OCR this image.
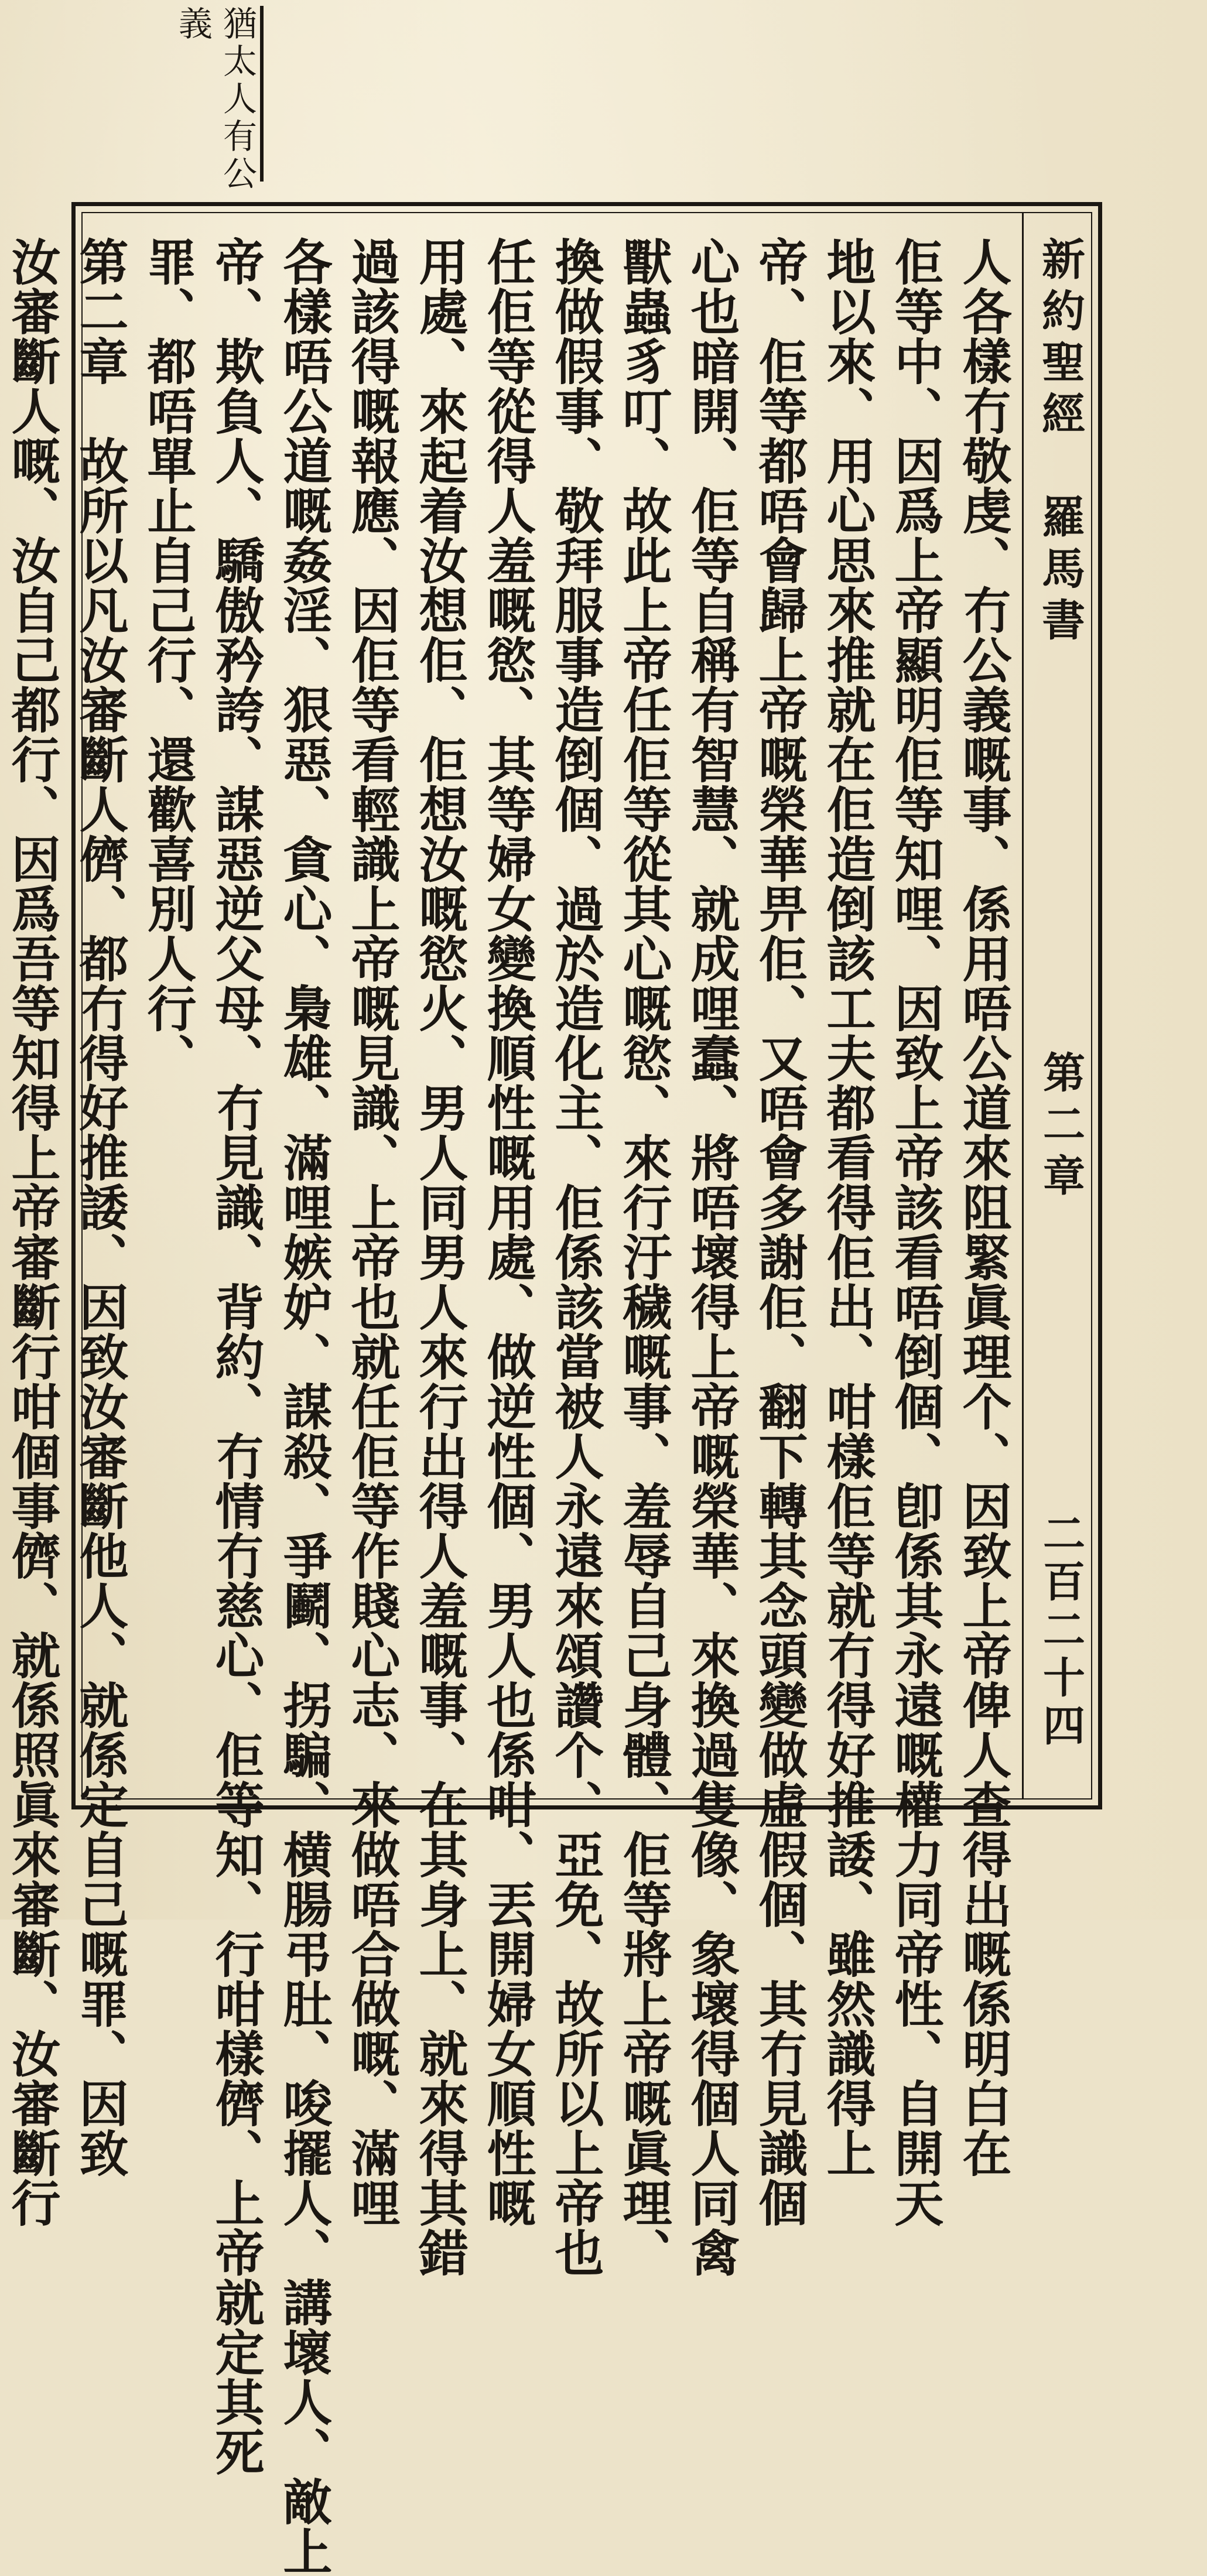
猶太人有公
義
新約聖經　羅馬書
第二章
二百二十四
人各樣冇敬虔、冇公義嘅事、係用唔公道來阻緊眞理个、因致上帝俾人查得出嘅係明白在
佢等中、因爲上帝顯明佢等知哩、因致上帝該看唔倒個、卽係其永遠嘅權力同帝性、自開天
地以來、用心思來推就在佢造倒該工夫都看得佢出、咁樣佢等就冇得好推諉、雖然識得上
帝、佢等都唔會歸上帝嘅榮華畀佢、又唔會多謝佢、翻下轉其念頭變做虛假個、其冇見識個
心也暗開、佢等自稱有智慧、就成哩蠢、將唔壞得上帝嘅榮華、來換過隻像、象壞得個人同禽
獸蟲豸叮、故此上帝任佢等從其心嘅慾、來行汙穢嘅事、羞辱自己身體、佢等將上帝嘅眞理、
換做假事、敬拜服事造倒個、過於造化主、佢係該當被人永遠來頌讚个、亞免、故所以上帝也
任佢等從得人羞嘅慾、其等婦女變換順性嘅用處、做逆性個、男人也係咁、丟開婦女順性嘅
用處、來起着汝想佢、佢想汝嘅慾火、男人同男人來行出得人羞嘅事、在其身上、就來得其錯
過該得嘅報應、因佢等看輕識上帝嘅見識、上帝也就任佢等作賤心志、來做唔合做嘅、滿哩
各樣唔公道嘅姦淫、狠惡、貪心、梟雄、滿哩嫉妒、謀殺、爭鬬、拐騙、横腸弔肚、唆擺人、講壞人、敵上
帝、欺負人、驕傲矜誇、謀惡逆父母、冇見識、背約、冇情冇慈心、佢等知、行咁樣儕、上帝就定其死
罪、都唔單止自己行、還歡喜別人行、
第二章　故所以凡汝審斷人儕、都冇得好推諉、因致汝審斷他人、就係定自己嘅罪、因致
汝審斷人嘅、汝自己都行、因爲吾等知得上帝審斷行咁個事儕、就係照眞來審斷、汝審斷行
